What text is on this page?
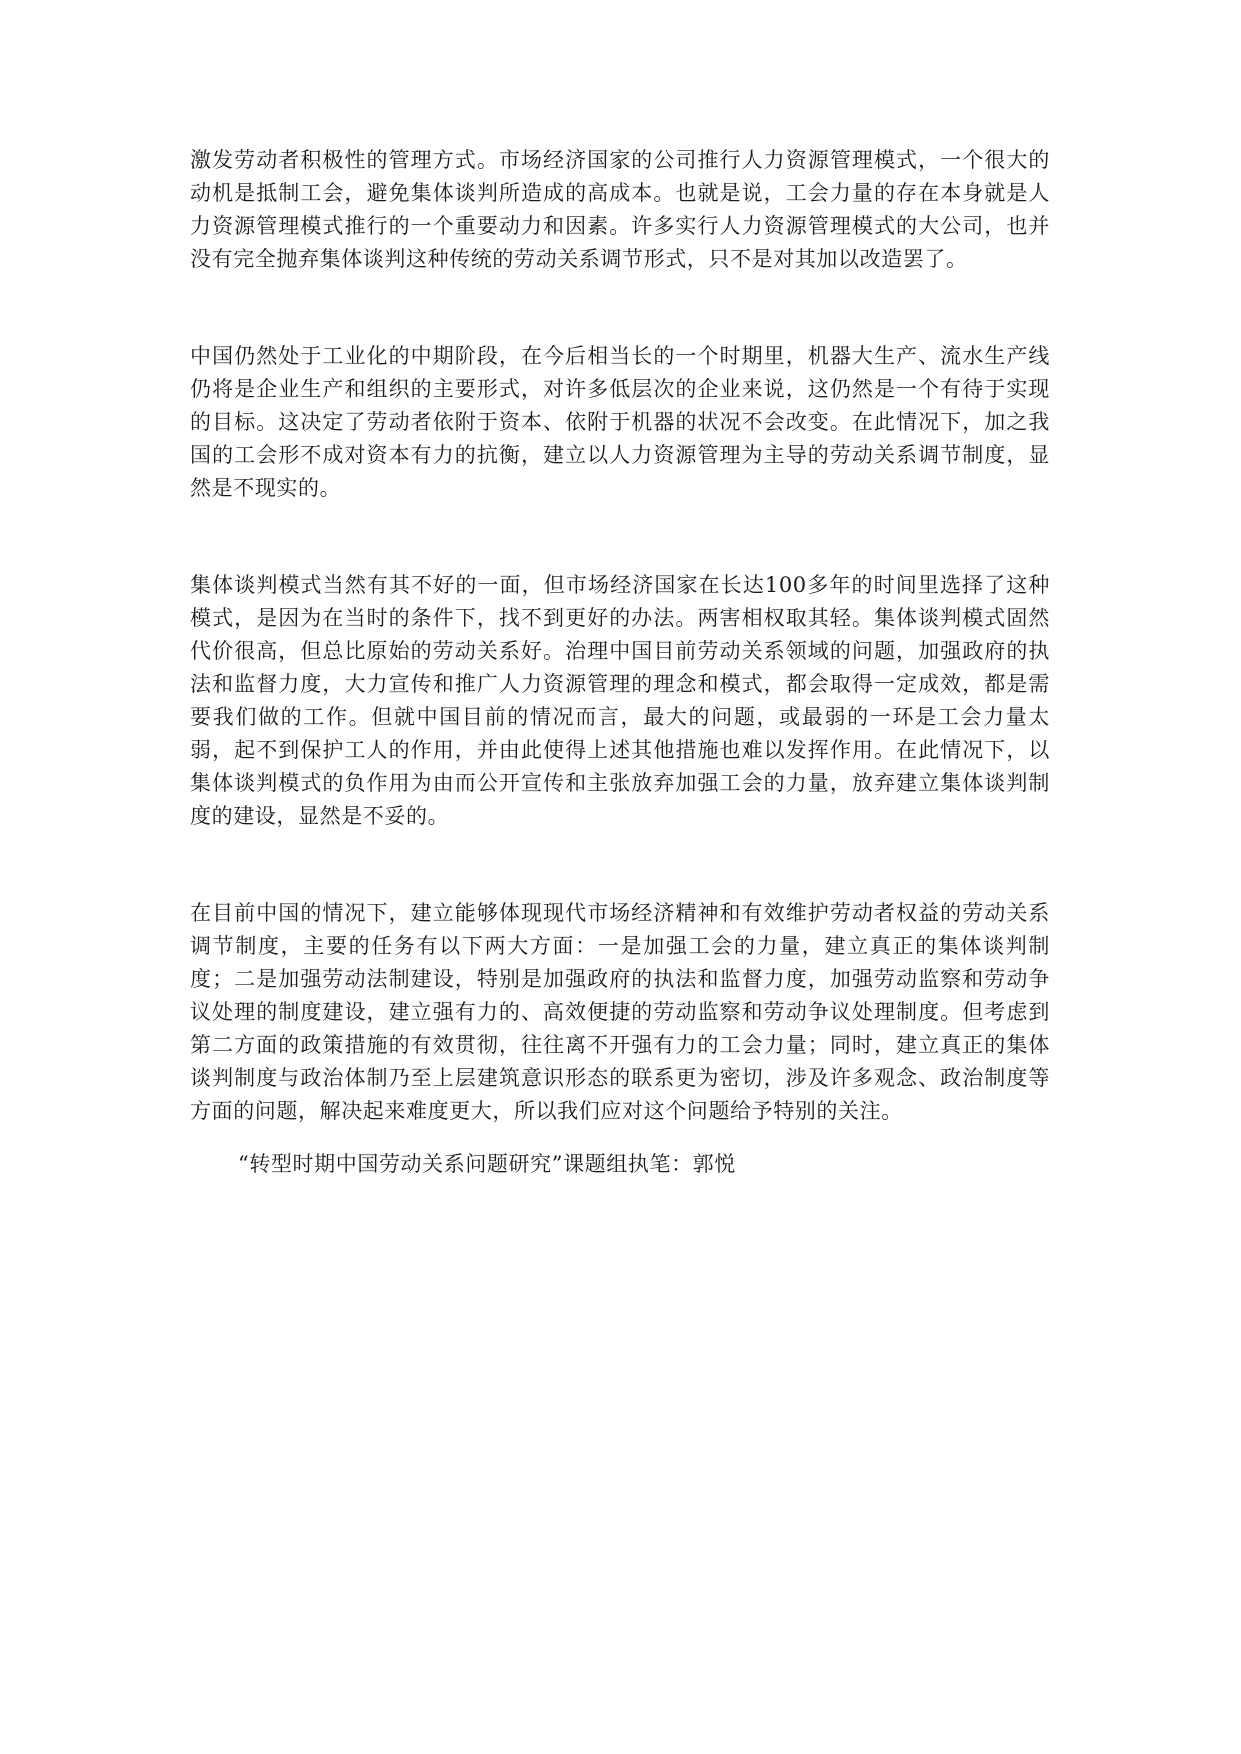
激发劳动者积极性的管理方式。市场经济国家的公司推行人力资源管理模式，一个很大的动机是抵制工会，避免集体谈判所造成的高成本。也就是说，工会力量的存在本身就是人力资源管理模式推行的一个重要动力和因素。许多实行人力资源管理模式的大公司，也并没有完全抛弃集体谈判这种传统的劳动关系调节形式，只不是对其加以改造罢了。

中国仍然处于工业化的中期阶段，在今后相当长的一个时期里，机器大生产、流水生产线仍将是企业生产和组织的主要形式，对许多低层次的企业来说，这仍然是一个有待于实现的目标。这决定了劳动者依附于资本、依附于机器的状况不会改变。在此情况下，加之我国的工会形不成对资本有力的抗衡，建立以人力资源管理为主导的劳动关系调节制度，显然是不现实的。

集体谈判模式当然有其不好的一面，但市场经济国家在长达100多年的时间里选择了这种模式，是因为在当时的条件下，找不到更好的办法。两害相权取其轻。集体谈判模式固然代价很高，但总比原始的劳动关系好。治理中国目前劳动关系领域的问题，加强政府的执法和监督力度，大力宣传和推广人力资源管理的理念和模式，都会取得一定成效，都是需要我们做的工作。但就中国目前的情况而言，最大的问题，或最弱的一环是工会力量太弱，起不到保护工人的作用，并由此使得上述其他措施也难以发挥作用。在此情况下，以集体谈判模式的负作用为由而公开宣传和主张放弃加强工会的力量，放弃建立集体谈判制度的建设，显然是不妥的。

在目前中国的情况下，建立能够体现现代市场经济精神和有效维护劳动者权益的劳动关系调节制度，主要的任务有以下两大方面：一是加强工会的力量，建立真正的集体谈判制度；二是加强劳动法制建设，特别是加强政府的执法和监督力度，加强劳动监察和劳动争议处理的制度建设，建立强有力的、高效便捷的劳动监察和劳动争议处理制度。但考虑到第二方面的政策措施的有效贯彻，往往离不开强有力的工会力量；同时，建立真正的集体谈判制度与政治体制乃至上层建筑意识形态的联系更为密切，涉及许多观念、政治制度等方面的问题，解决起来难度更大，所以我们应对这个问题给予特别的关注。

“转型时期中国劳动关系问题研究”课题组执笔：郭悦
